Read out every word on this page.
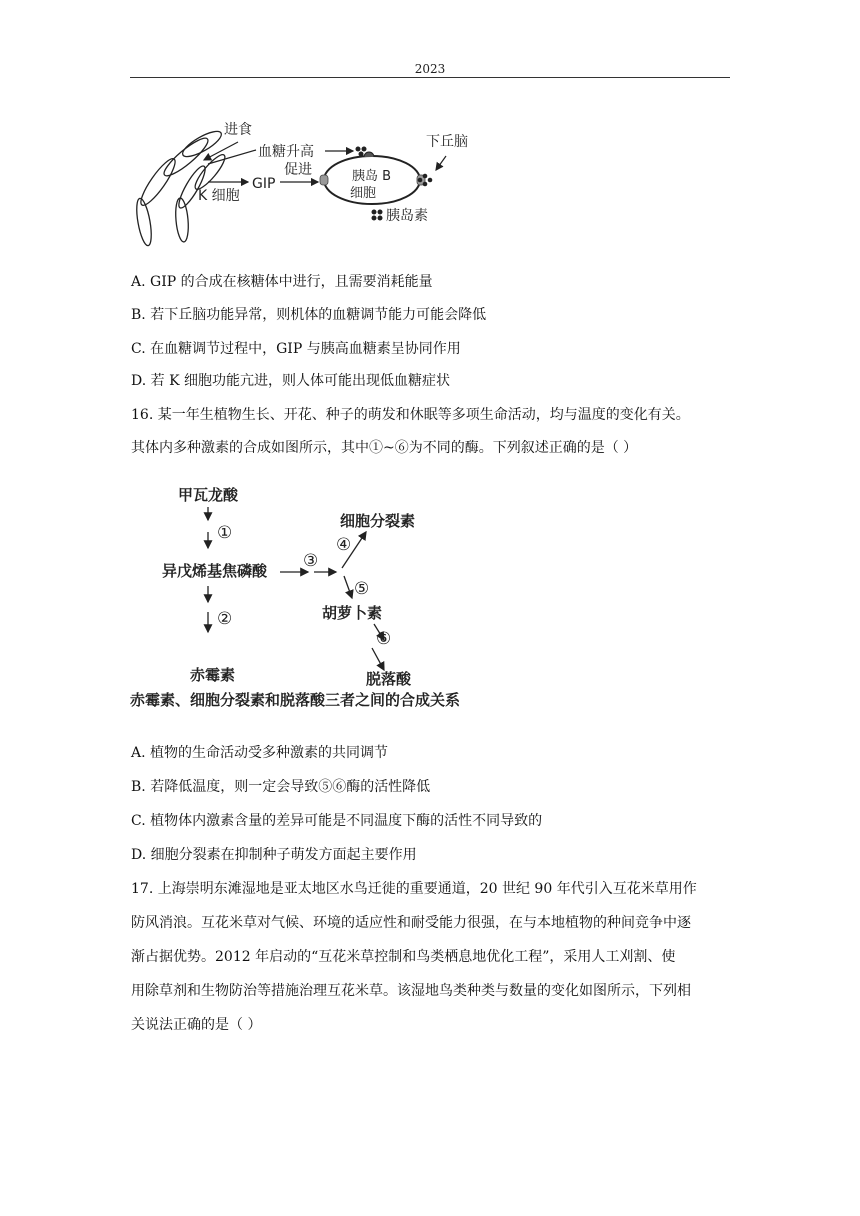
2023
进食
血糖升高
K 细胞
GIP
促进	胰岛 B
细胞
下丘脑
胰岛素
A. GIP 的合成在核糖体中进行，且需要消耗能量
B. 若下丘脑功能异常，则机体的血糖调节能力可能会降低
C. 在血糖调节过程中，GIP 与胰高血糖素呈协同作用
D. 若 K 细胞功能亢进，则人体可能出现低血糖症状
16. 某一年生植物生长、开花、种子的萌发和休眠等多项生命活动，均与温度的变化有关。
其体内多种激素的合成如图所示，其中①~⑥为不同的酶。下列叙述正确的是（ ）
甲瓦龙酸
①
异戊烯基焦磷酸
②
赤霉素
③
④
细胞分裂素
⑤
胡萝卜素
⑥
脱落酸
赤霉素、细胞分裂素和脱落酸三者之间的合成关系
A. 植物的生命活动受多种激素的共同调节
B. 若降低温度，则一定会导致⑤⑥酶的活性降低
C. 植物体内激素含量的差异可能是不同温度下酶的活性不同导致的
D. 细胞分裂素在抑制种子萌发方面起主要作用
17. 上海崇明东滩湿地是亚太地区水鸟迁徙的重要通道，20 世纪 90 年代引入互花米草用作
防风消浪。互花米草对气候、环境的适应性和耐受能力很强，在与本地植物的种间竞争中逐
渐占据优势。2012 年启动的“互花米草控制和鸟类栖息地优化工程”，采用人工刈割、使
用除草剂和生物防治等措施治理互花米草。该湿地鸟类种类与数量的变化如图所示，下列相
关说法正确的是（ ）
